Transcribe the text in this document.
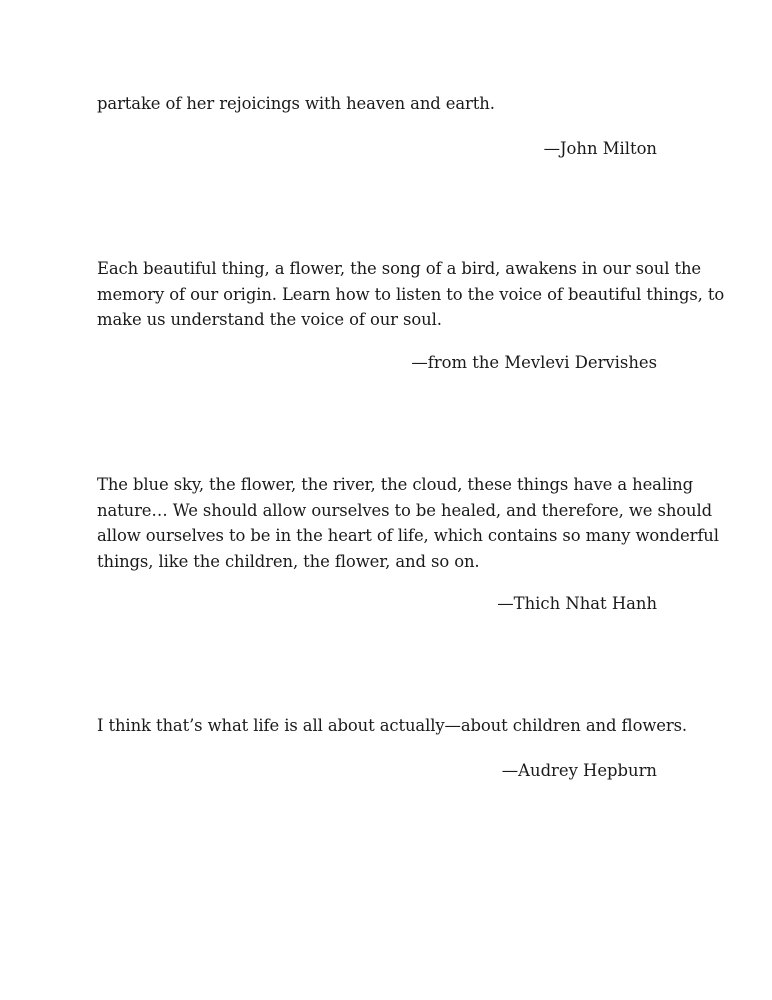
partake of her rejoicings with heaven and earth.

—John Milton

Each beautiful thing, a flower, the song of a bird, awakens in our soul the
memory of our origin. Learn how to listen to the voice of beautiful things, to
make us understand the voice of our soul.

—from the Mevlevi Dervishes

The blue sky, the flower, the river, the cloud, these things have a healing
nature… We should allow ourselves to be healed, and therefore, we should
allow ourselves to be in the heart of life, which contains so many wonderful
things, like the children, the flower, and so on.

—Thich Nhat Hanh

I think that’s what life is all about actually—about children and flowers.

—Audrey Hepburn
